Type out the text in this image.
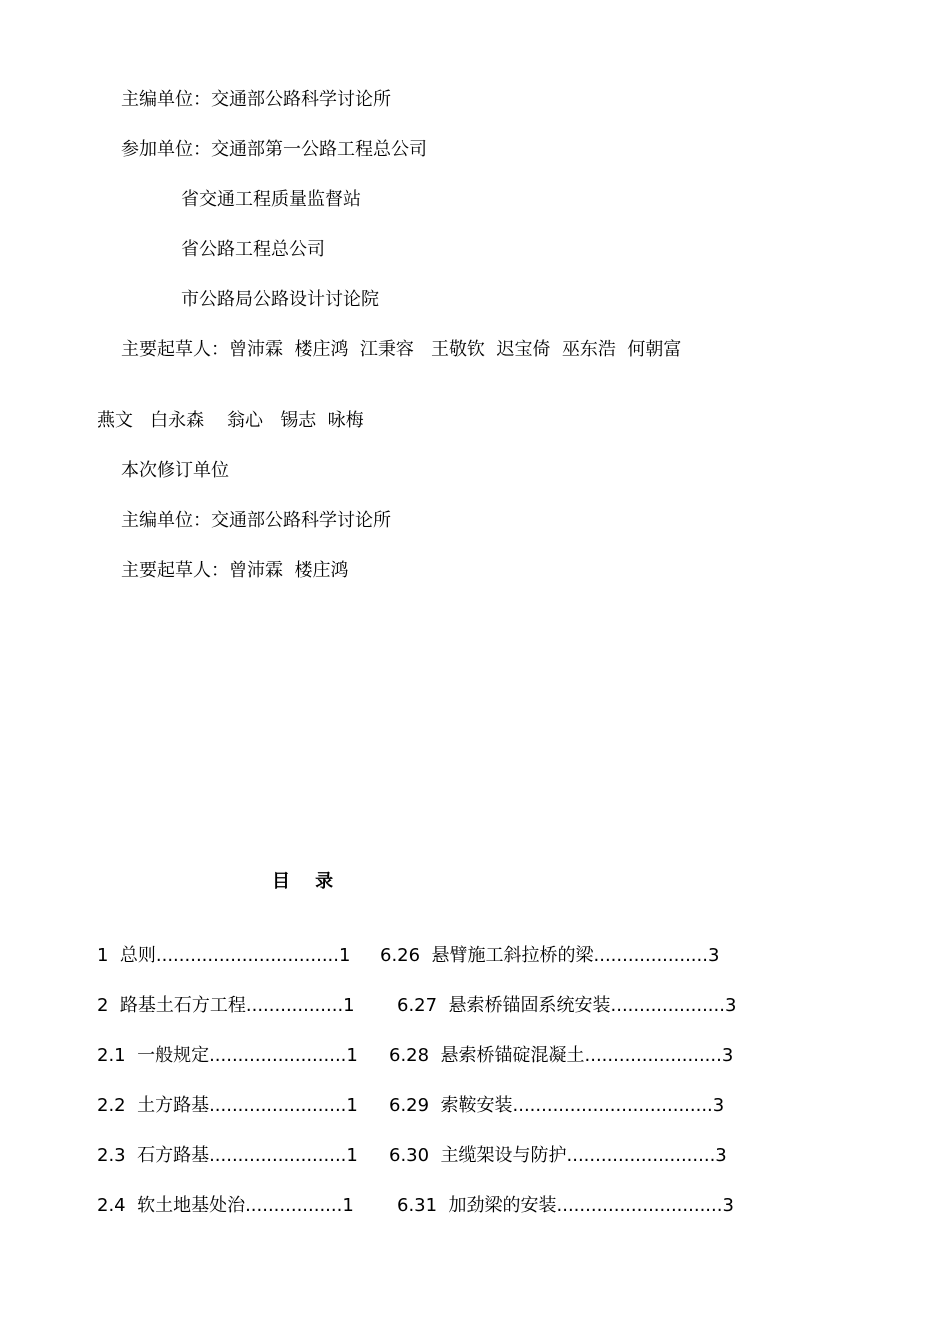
主编单位：交通部公路科学讨论所
参加单位：交通部第一公路工程总公司
省交通工程质量监督站
省公路工程总公司
市公路局公路设计讨论院
主要起草人：曾沛霖  楼庄鸿  江秉容   王敬钦  迟宝倚  巫东浩  何朝富
燕文   白永森    翁心   锡志  咏梅
本次修订单位
主编单位：交通部公路科学讨论所
主要起草人：曾沛霖  楼庄鸿
目    录
1  总则................................1 6.26  悬臂施工斜拉桥的梁....................3
2  路基土石方工程.................1 6.27  悬索桥锚固系统安装....................3
2.1  一般规定........................1 6.28  悬索桥锚碇混凝土........................3
2.2  土方路基........................1 6.29  索鞍安装...................................3
2.3  石方路基........................1 6.30  主缆架设与防护..........................3
2.4  软土地基处治.................1 6.31  加劲梁的安装.............................3
